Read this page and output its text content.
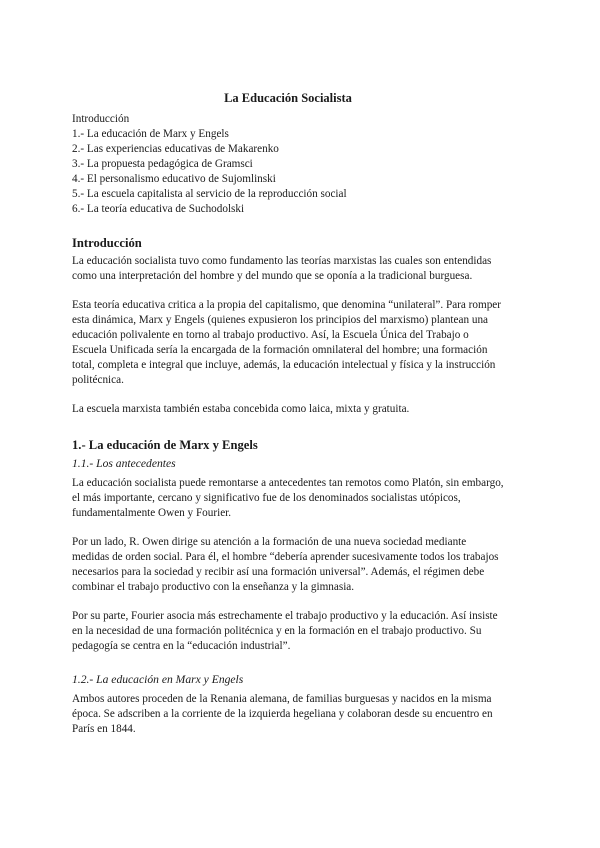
La Educación Socialista
Introducción
1.- La educación de Marx y Engels
2.- Las experiencias educativas de Makarenko
3.- La propuesta pedagógica de Gramsci
4.- El personalismo educativo de Sujomlinski
5.- La escuela capitalista al servicio de la reproducción social
6.- La teoría educativa de Suchodolski
Introducción

La educación socialista tuvo como fundamento las teorías marxistas las cuales son entendidas como una interpretación del hombre y del mundo que se oponía a la tradicional burguesa.

Esta teoría educativa critica a la propia del capitalismo, que denomina “unilateral”. Para romper esta dinámica, Marx y Engels (quienes expusieron los principios del marxismo) plantean una educación polivalente en torno al trabajo productivo. Así, la Escuela Única del Trabajo o Escuela Unificada sería la encargada de la formación omnilateral del hombre; una formación total, completa e integral que incluye, además, la educación intelectual y física y la instrucción politécnica.

La escuela marxista también estaba concebida como laica, mixta y gratuita.

1.- La educación de Marx y Engels
1.1.- Los antecedentes

La educación socialista puede remontarse a antecedentes tan remotos como Platón, sin embargo, el más importante, cercano y significativo fue de los denominados socialistas utópicos, fundamentalmente Owen y Fourier.

Por un lado, R. Owen dirige su atención a la formación de una nueva sociedad mediante medidas de orden social. Para él, el hombre “debería aprender sucesivamente todos los trabajos necesarios para la sociedad y recibir así una formación universal”. Además, el régimen debe combinar el trabajo productivo con la enseñanza y la gimnasia.

Por su parte, Fourier asocia más estrechamente el trabajo productivo y la educación. Así insiste en la necesidad de una formación politécnica y en la formación en el trabajo productivo. Su pedagogía se centra en la “educación industrial”.

1.2.- La educación en Marx y Engels

Ambos autores proceden de la Renania alemana, de familias burguesas y nacidos en la misma época. Se adscriben a la corriente de la izquierda hegeliana y colaboran desde su encuentro en París en 1844.
